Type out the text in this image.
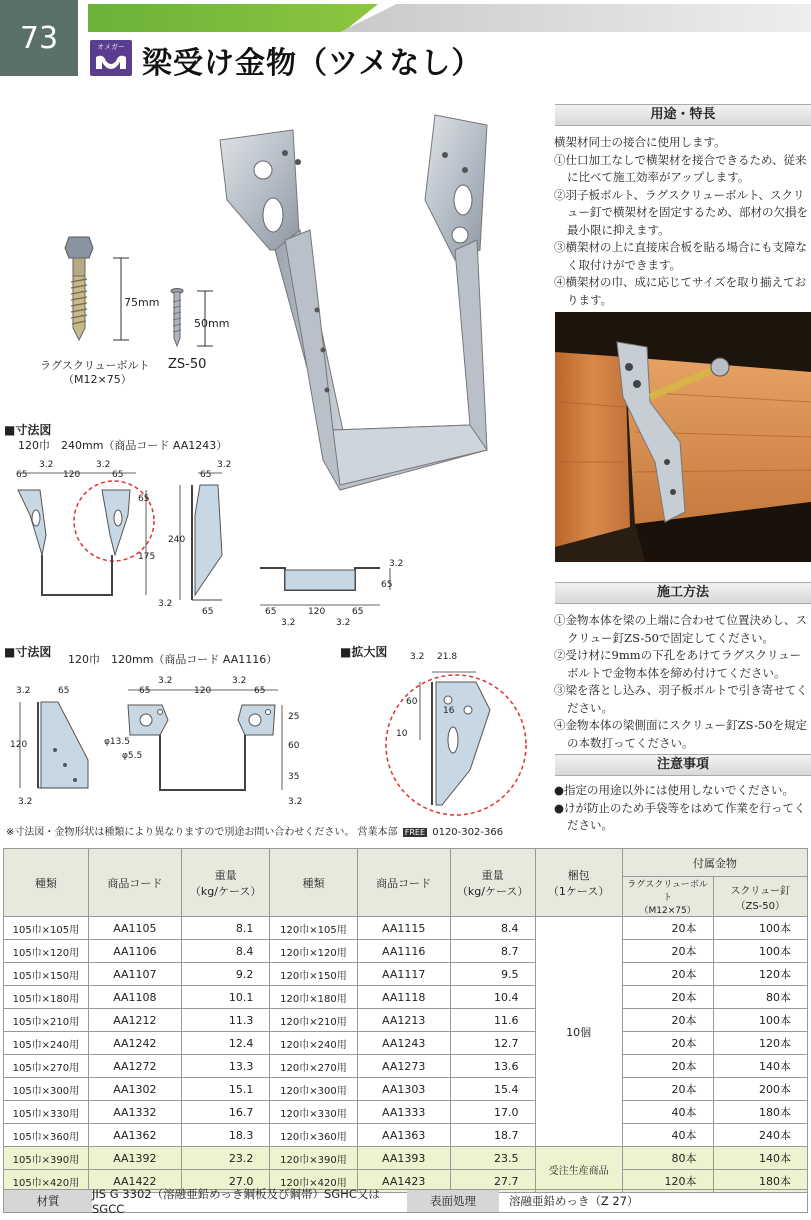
73	オメガー 梁受け金物（ツメなし）
75mm
50mm
ラグスクリューボルト
（M12×75）
ZS-50
■寸法図
120巾　240mm（商品コード AA1243）
3.2
65	120
3.2
65
65
175
65
3.2
240
3.2
65
3.2
65
65	120	65
3.2	3.2
■寸法図
120巾　120mm（商品コード AA1116）
3.2	65
120
3.2
65
3.2
120
3.2
65
φ13.5
φ5.5
25
60
35
3.2
■拡大図	3.2 21.8
60
16
10
※寸法図・金物形状は種類により異なりますので別途お問い合わせください。 営業本部 FREE 0120-302-366
用途・特長
横架材同士の接合に使用します。
①仕口加工なしで横架材を接合できるため、従来に比べて施工効率がアップします。
②羽子板ボルト、ラグスクリューボルト、スクリュー釘で横架材を固定するため、部材の欠損を最小限に抑えます。
③横架材の上に直接床合板を貼る場合にも支障なく取付けができます。
④横架材の巾、成に応じてサイズを取り揃えております。
施工方法
①金物本体を梁の上端に合わせて位置決めし、スクリュー釘ZS-50で固定してください。
②受け材に9mmの下孔をあけてラグスクリューボルトで金物本体を締め付けてください。
③梁を落とし込み、羽子板ボルトで引き寄せてください。
④金物本体の梁側面にスクリュー釘ZS-50を規定の本数打ってください。
注意事項
●指定の用途以外には使用しないでください。
●けが防止のため手袋等をはめて作業を行ってください。
種類	商品コード	重量
（kg/ケース）	種類	商品コード	重量
（kg/ケース）	梱包
（1ケース）	付属金物	
							ラグスクリューボルト
（M12×75）	スクリュー釘
（ZS-50）
105巾×105用	AA1105	8.1	120巾×105用	AA1115	8.4	10個	20本	100本
105巾×120用	AA1106	8.4	120巾×120用	AA1116	8.7		20本	100本
105巾×150用	AA1107	9.2	120巾×150用	AA1117	9.5		20本	120本
105巾×180用	AA1108	10.1	120巾×180用	AA1118	10.4		20本	80本
105巾×210用	AA1212	11.3	120巾×210用	AA1213	11.6		20本	100本
105巾×240用	AA1242	12.4	120巾×240用	AA1243	12.7		20本	120本
105巾×270用	AA1272	13.3	120巾×270用	AA1273	13.6		20本	140本
105巾×300用	AA1302	15.1	120巾×300用	AA1303	15.4		20本	200本
105巾×330用	AA1332	16.7	120巾×330用	AA1333	17.0		40本	180本
105巾×360用	AA1362	18.3	120巾×360用	AA1363	18.7		40本	240本
105巾×390用	AA1392	23.2	120巾×390用	AA1393	23.5	受注生産商品	80本	140本
105巾×420用	AA1422	27.0	120巾×420用	AA1423	27.7		120本	180本
材質	JIS G 3302（溶融亜鉛めっき鋼板及び鋼帯）SGHC又はSGCC
表面処理	溶融亜鉛めっき（Z 27）
